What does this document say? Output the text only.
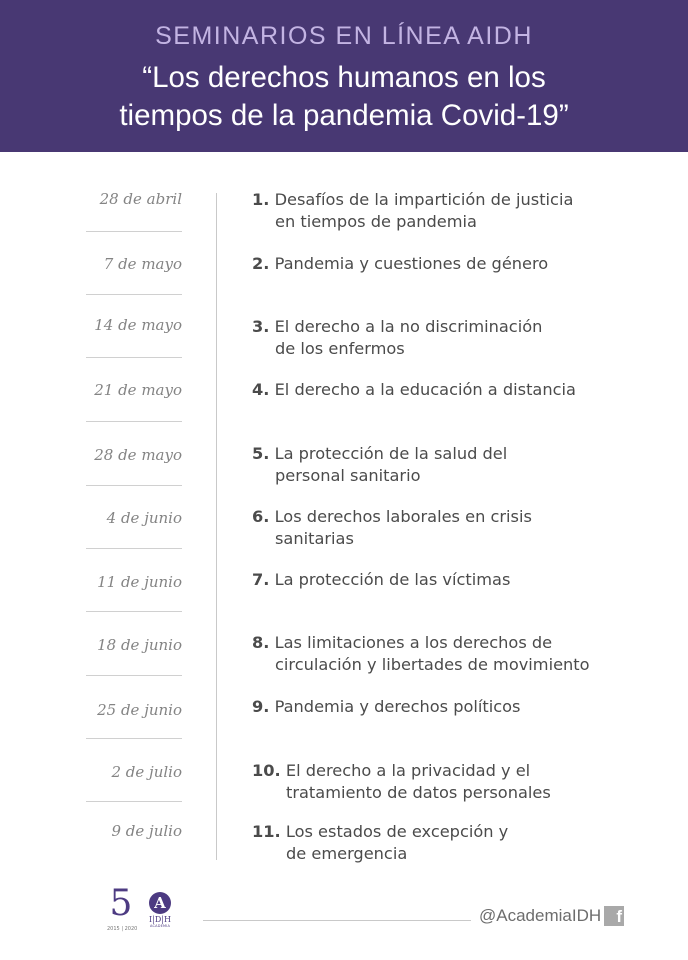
SEMINARIOS EN LÍNEA AIDH
“Los derechos humanos en los
tiempos de la pandemia Covid-19”
28 de abril	1. Desafíos de la impartición de justicia
en tiempos de pandemia
7 de mayo	2. Pandemia y cuestiones de género
14 de mayo	3. El derecho a la no discriminación
de los enfermos
21 de mayo	4. El derecho a la educación a distancia
28 de mayo	5. La protección de la salud del
personal sanitario
4 de junio	6. Los derechos laborales en crisis
sanitarias
11 de junio	7. La protección de las víctimas
18 de junio	8. Las limitaciones a los derechos de
circulación y libertades de movimiento
25 de junio	9. Pandemia y derechos políticos
2 de julio	10. El derecho a la privacidad y el
tratamiento de datos personales
9 de julio	11. Los estados de excepción y
de emergencia
5
2015 | 2020
A
I|D|H
ACADEMIA
@AcademiaIDH f
